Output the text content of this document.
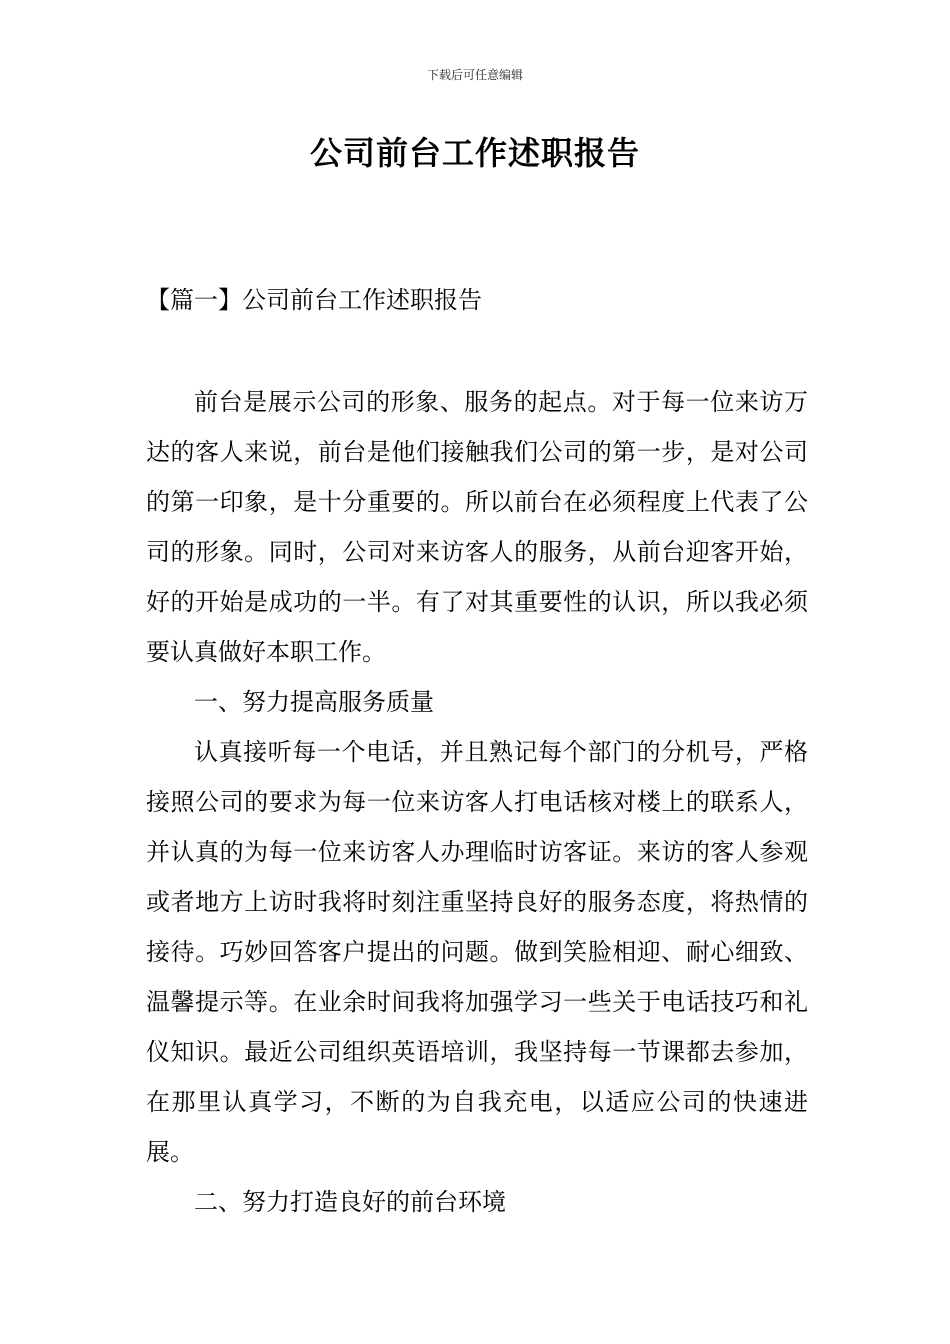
下载后可任意编辑
公司前台工作述职报告
【篇一】公司前台工作述职报告

前台是展示公司的形象、服务的起点。对于每一位来访万达的客人来说，前台是他们接触我们公司的第一步，是对公司的第一印象，是十分重要的。所以前台在必须程度上代表了公司的形象。同时，公司对来访客人的服务，从前台迎客开始，好的开始是成功的一半。有了对其重要性的认识，所以我必须要认真做好本职工作。

一、努力提高服务质量

认真接听每一个电话，并且熟记每个部门的分机号，严格接照公司的要求为每一位来访客人打电话核对楼上的联系人，并认真的为每一位来访客人办理临时访客证。来访的客人参观或者地方上访时我将时刻注重坚持良好的服务态度，将热情的接待。巧妙回答客户提出的问题。做到笑脸相迎、耐心细致、温馨提示等。在业余时间我将加强学习一些关于电话技巧和礼仪知识。最近公司组织英语培训，我坚持每一节课都去参加，在那里认真学习，不断的为自我充电，以适应公司的快速进展。

二、努力打造良好的前台环境
